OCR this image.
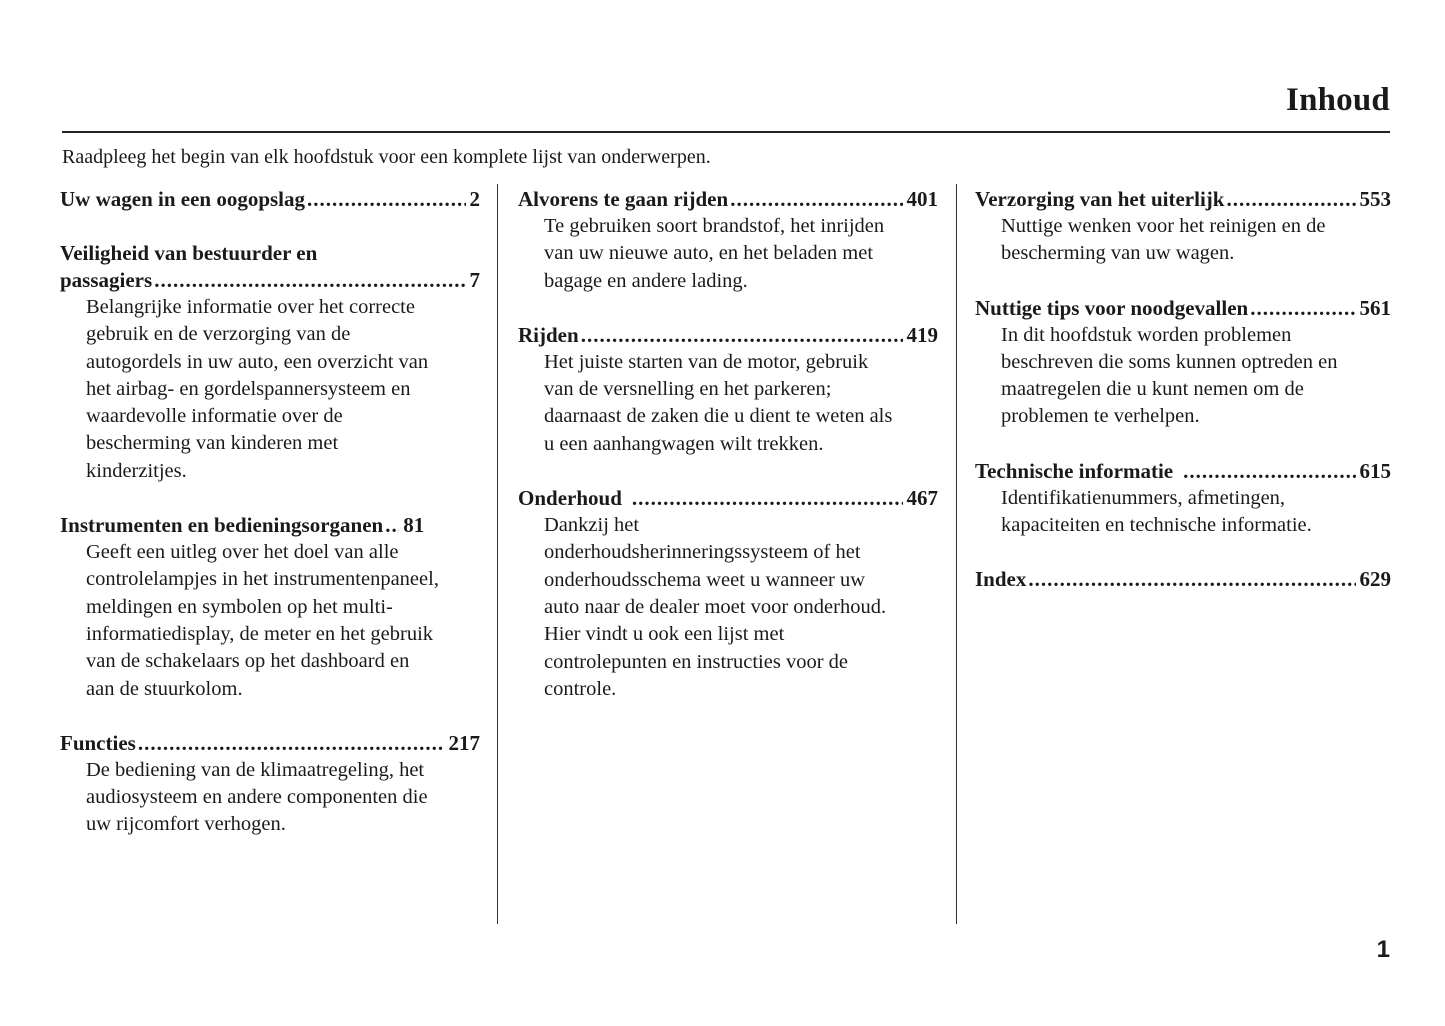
Inhoud
Raadpleeg het begin van elk hoofdstuk voor een komplete lijst van onderwerpen.
Uw wagen in een oogopslag .....	2
Veiligheid van bestuurder en
passagiers .....	7
Belangrijke informatie over het correcte
gebruik en de verzorging van de
autogordels in uw auto, een overzicht van
het airbag- en gordelspannersysteem en
waardevolle informatie over de
bescherming van kinderen met
kinderzitjes.
Instrumenten en bedieningsorganen ..... 81
Geeft een uitleg over het doel van alle
controlelampjes in het instrumentenpaneel,
meldingen en symbolen op het multi-
informatiedisplay, de meter en het gebruik
van de schakelaars op het dashboard en
aan de stuurkolom.
Functies .....	217
De bediening van de klimaatregeling, het
audiosysteem en andere componenten die
uw rijcomfort verhogen.
Alvorens te gaan rijden .....	401
Te gebruiken soort brandstof, het inrijden
van uw nieuwe auto, en het beladen met
bagage en andere lading.
Rijden .....	419
Het juiste starten van de motor, gebruik
van de versnelling en het parkeren;
daarnaast de zaken die u dient te weten als
u een aanhangwagen wilt trekken.
Onderhoud .....	467
Dankzij het
onderhoudsherinneringssysteem of het
onderhoudsschema weet u wanneer uw
auto naar de dealer moet voor onderhoud.
Hier vindt u ook een lijst met
controlepunten en instructies voor de
controle.
Verzorging van het uiterlijk .....	553
Nuttige wenken voor het reinigen en de
bescherming van uw wagen.
Nuttige tips voor noodgevallen .....	561
In dit hoofdstuk worden problemen
beschreven die soms kunnen optreden en
maatregelen die u kunt nemen om de
problemen te verhelpen.
Technische informatie .....	615
Identifikatienummers, afmetingen,
kapaciteiten en technische informatie.
Index .....	629
1
